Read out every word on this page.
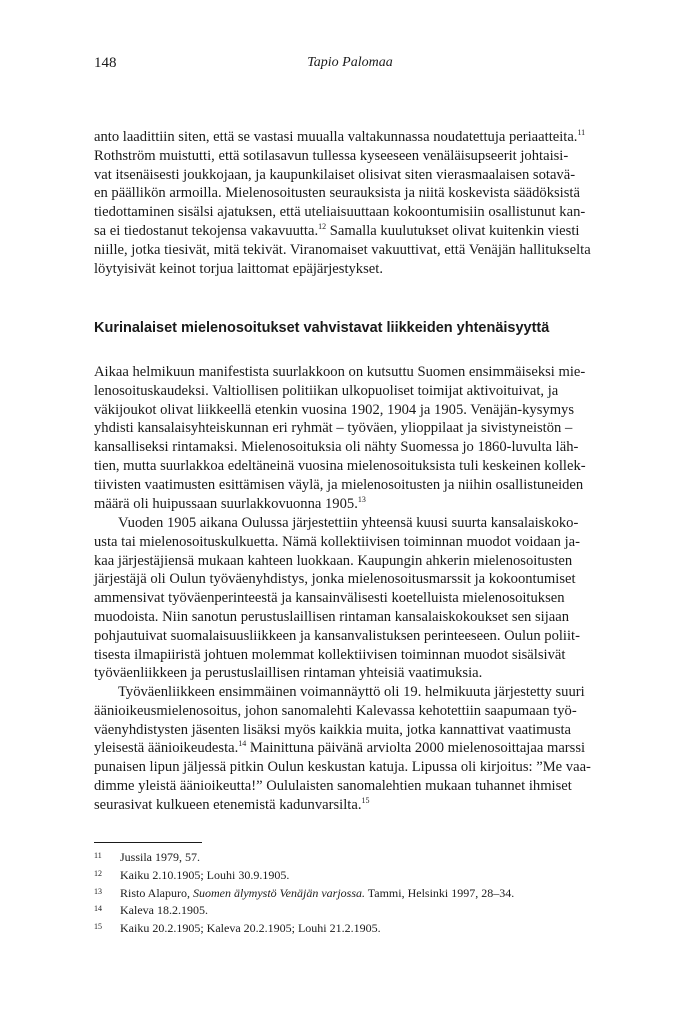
148	Tapio Palomaa

anto laadittiin siten, että se vastasi muualla valtakunnassa noudatettuja periaatteita.$^{11}$

Rothström muistutti, että sotilasavun tullessa kyseeseen venäläisupseerit johtaisi-

vat itsenäisesti joukkojaan, ja kaupunkilaiset olisivat siten vierasmaalaisen sotavä-

en päällikön armoilla. Mielenosoitusten seurauksista ja niitä koskevista säädöksistä

tiedottaminen sisälsi ajatuksen, että uteliaisuuttaan kokoontumisiin osallistunut kan-

sa ei tiedostanut tekojensa vakavuutta.$^{12}$ Samalla kuulutukset olivat kuitenkin viesti

niille, jotka tiesivät, mitä tekivät. Viranomaiset vakuuttivat, että Venäjän hallitukselta

löytyisivät keinot torjua laittomat epäjärjestykset.

Kurinalaiset mielenosoitukset vahvistavat liikkeiden yhtenäisyyttä

Aikaa helmikuun manifestista suurlakkoon on kutsuttu Suomen ensimmäiseksi mie-

lenosoituskaudeksi. Valtiollisen politiikan ulkopuoliset toimijat aktivoituivat, ja

väkijoukot olivat liikkeellä etenkin vuosina 1902, 1904 ja 1905. Venäjän-kysymys

yhdisti kansalaisyhteiskunnan eri ryhmät – työväen, ylioppilaat ja sivistyneistön –

kansalliseksi rintamaksi. Mielenosoituksia oli nähty Suomessa jo 1860-luvulta läh-

tien, mutta suurlakkoa edeltäneinä vuosina mielenosoituksista tuli keskeinen kollek-

tiivisten vaatimusten esittämisen väylä, ja mielenosoitusten ja niihin osallistuneiden

määrä oli huipussaan suurlakkovuonna 1905.13

Vuoden 1905 aikana Oulussa järjestettiin yhteensä kuusi suurta kansalaiskoko-

usta tai mielenosoituskulkuetta. Nämä kollektiivisen toiminnan muodot voidaan ja-

kaa järjestäjiensä mukaan kahteen luokkaan. Kaupungin ahkerin mielenosoitusten

järjestäjä oli Oulun työväenyhdistys, jonka mielenosoitusmarssit ja kokoontumiset

ammensivat työväenperinteestä ja kansainvälisesti koetelluista mielenosoituksen

muodoista. Niin sanotun perustuslaillisen rintaman kansalaiskokoukset sen sijaan

pohjautuivat suomalaisuusliikkeen ja kansanvalistuksen perinteeseen. Oulun poliit-

tisesta ilmapiiristä johtuen molemmat kollektiivisen toiminnan muodot sisälsivät

työväenliikkeen ja perustuslaillisen rintaman yhteisiä vaatimuksia.

Työväenliikkeen ensimmäinen voimannäyttö oli 19. helmikuuta järjestetty suuri

äänioikeusmielenosoitus, johon sanomalehti Kalevassa kehotettiin saapumaan työ-

väenyhdistysten jäsenten lisäksi myös kaikkia muita, jotka kannattivat vaatimusta

yleisestä äänioikeudesta.$^{14}$ Mainittuna päivänä arviolta 2000 mielenosoittajaa marssi

punaisen lipun jäljessä pitkin Oulun keskustan katuja. Lipussa oli kirjoitus: ”Me vaa-

dimme yleistä äänioikeutta!” Oululaisten sanomalehtien mukaan tuhannet ihmiset

seurasivat kulkueen etenemistä kadunvarsilta.$^{15}$

11 Jussila 1979, 57.
12 Kaiku 2.10.1905; Louhi 30.9.1905.
13 Risto Alapuro, Suomen älymystö Venäjän varjossa. Tammi, Helsinki 1997, 28–34.
14 Kaleva 18.2.1905.
15 Kaiku 20.2.1905; Kaleva 20.2.1905; Louhi 21.2.1905.
